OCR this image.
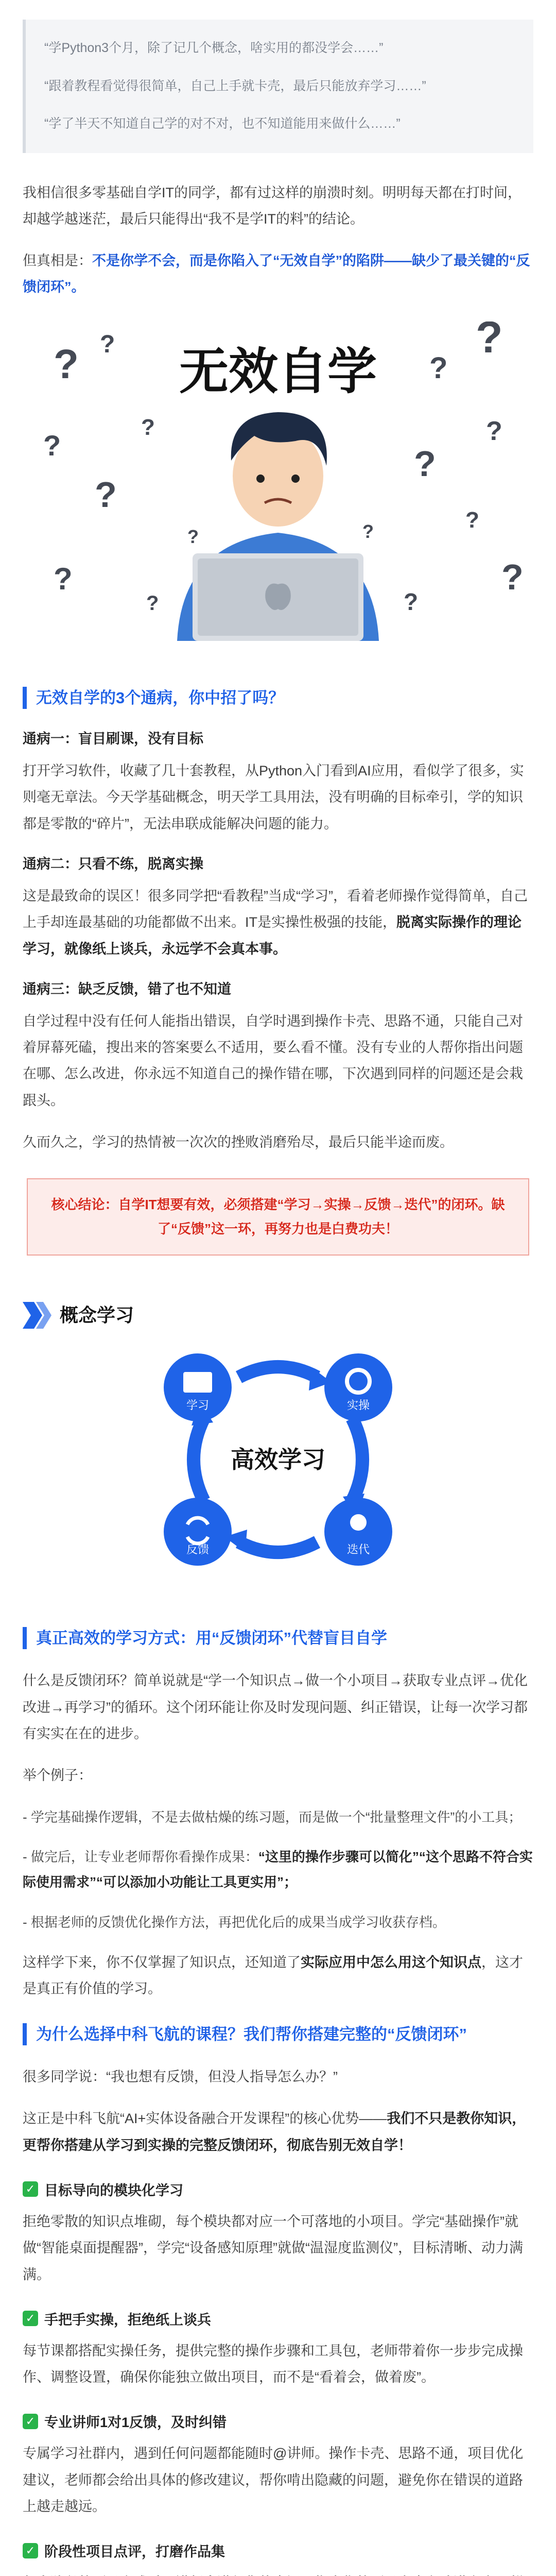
“学Python3个月，除了记几个概念，啥实用的都没学会……”

“跟着教程看觉得很简单，自己上手就卡壳，最后只能放弃学习……”

“学了半天不知道自己学的对不对，也不知道能用来做什么……”

我相信很多零基础自学IT的同学，都有过这样的崩溃时刻。明明每天都在打时间，却越学越迷茫，最后只能得出“我不是学IT的料”的结论。

但真相是：不是你学不会，而是你陷入了“无效自学”的陷阱——缺少了最关键的“反馈闭环”。

? ?
?
?
?
?
?
?
?
?
?
?
?
?
?	?
无效自学
无效自学的3个通病，你中招了吗？
通病一：盲目刷课，没有目标

打开学习软件，收藏了几十套教程，从Python入门看到AI应用，看似学了很多，实则毫无章法。今天学基础概念，明天学工具用法，没有明确的目标牵引，学的知识都是零散的“碎片”，无法串联成能解决问题的能力。

通病二：只看不练，脱离实操

这是最致命的误区！很多同学把“看教程”当成“学习”，看着老师操作觉得简单，自己上手却连最基础的功能都做不出来。IT是实操性极强的技能，脱离实际操作的理论学习，就像纸上谈兵，永远学不会真本事。

通病三：缺乏反馈，错了也不知道

自学过程中没有任何人能指出错误，自学时遇到操作卡壳、思路不通，只能自己对着屏幕死磕，搜出来的答案要么不适用，要么看不懂。没有专业的人帮你指出问题在哪、怎么改进，你永远不知道自己的操作错在哪，下次遇到同样的问题还是会栽跟头。

久而久之，学习的热情被一次次的挫败消磨殆尽，最后只能半途而废。

核心结论：自学IT想要有效，必须搭建“学习→实操→反馈→迭代”的闭环。缺了“反馈”这一环，再努力也是白费功夫！
概念学习
高效学习
学习	实操
迭代
反馈
真正高效的学习方式：用“反馈闭环”代替盲目自学

什么是反馈闭环？简单说就是“学一个知识点→做一个小项目→获取专业点评→优化改进→再学习”的循环。这个闭环能让你及时发现问题、纠正错误，让每一次学习都有实实在在的进步。

举个例子：

- 学完基础操作逻辑，不是去做枯燥的练习题，而是做一个“批量整理文件”的小工具；

- 做完后，让专业老师帮你看操作成果：“这里的操作步骤可以简化”“这个思路不符合实际使用需求”“可以添加小功能让工具更实用”；

- 根据老师的反馈优化操作方法，再把优化后的成果当成学习收获存档。

这样学下来，你不仅掌握了知识点，还知道了实际应用中怎么用这个知识点，这才是真正有价值的学习。

为什么选择中科飞航的课程？我们帮你搭建完整的“反馈闭环”

很多同学说：“我也想有反馈，但没人指导怎么办？”

这正是中科飞航“AI+实体设备融合开发课程”的核心优势——我们不只是教你知识，更帮你搭建从学习到实操的完整反馈闭环，彻底告别无效自学！

✓ 目标导向的模块化学习

拒绝零散的知识点堆砌，每个模块都对应一个可落地的小项目。学完“基础操作”就做“智能桌面提醒器”，学完“设备感知原理”就做“温湿度监测仪”，目标清晰、动力满满。

✓ 手把手实操，拒绝纸上谈兵

每节课都搭配实操任务，提供完整的操作步骤和工具包，老师带着你一步步完成操作、调整设置，确保你能独立做出项目，而不是“看着会，做着废”。

✓ 专业讲师1对1反馈，及时纠错

专属学习社群内，遇到任何问题都能随时@讲师。操作卡壳、思路不通，项目优化建议，老师都会给出具体的修改建议，帮你啃出隐藏的问题，避免你在错误的道路上越走越远。

✓ 阶段性项目点评，打磨作品集
